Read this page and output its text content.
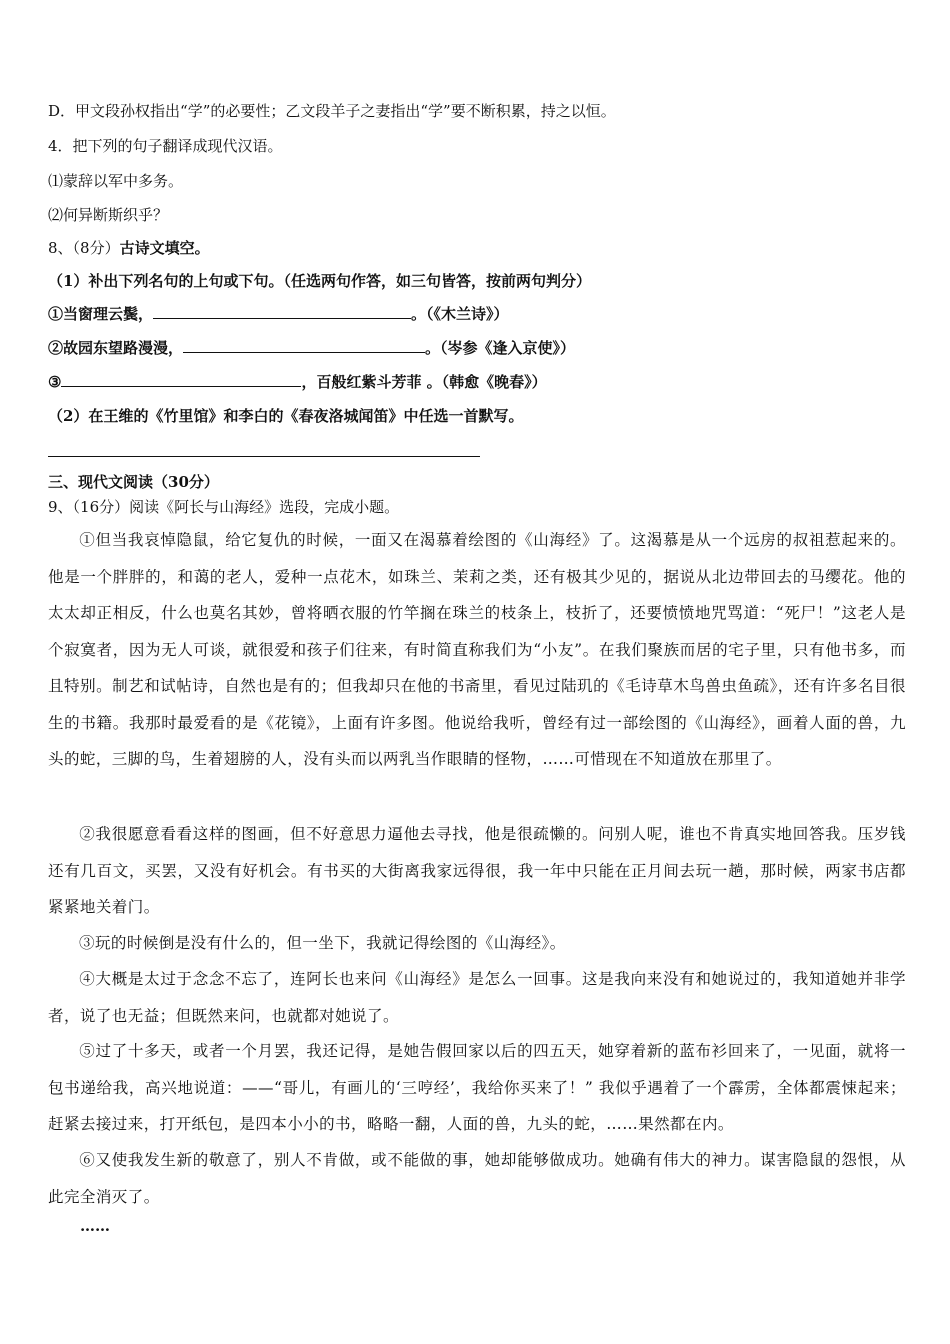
D．甲文段孙权指出“学”的必要性；乙文段羊子之妻指出“学”要不断积累，持之以恒。
4．把下列的句子翻译成现代汉语。
⑴蒙辞以军中多务。
⑵何异断斯织乎？
8、（8分）古诗文填空。
（1）补出下列名句的上句或下句。（任选两句作答，如三句皆答，按前两句判分）
①当窗理云鬓，	。（《木兰诗》）
②故园东望路漫漫，	。（岑参《逢入京使》）
③	，百般红紫斗芳菲 。（韩愈《晚春》）
（2）在王维的《竹里馆》和李白的《春夜洛城闻笛》中任选一首默写。
三、现代文阅读（30分）
9、（16分）阅读《阿长与山海经》选段，完成小题。
①但当我哀悼隐鼠，给它复仇的时候，一面又在渴慕着绘图的《山海经》了。这渴慕是从一个远房的叔祖惹起来的。他是一个胖胖的，和蔼的老人，爱种一点花木，如珠兰、茉莉之类，还有极其少见的，据说从北边带回去的马缨花。他的太太却正相反，什么也莫名其妙，曾将晒衣服的竹竿搁在珠兰的枝条上，枝折了，还要愤愤地咒骂道：“死尸！”这老人是个寂寞者，因为无人可谈，就很爱和孩子们往来，有时简直称我们为“小友”。在我们聚族而居的宅子里，只有他书多，而且特别。制艺和试帖诗，自然也是有的；但我却只在他的书斋里，看见过陆玑的《毛诗草木鸟兽虫鱼疏》，还有许多名目很生的书籍。我那时最爱看的是《花镜》，上面有许多图。他说给我听，曾经有过一部绘图的《山海经》，画着人面的兽，九头的蛇，三脚的鸟，生着翅膀的人，没有头而以两乳当作眼睛的怪物，……可惜现在不知道放在那里了。
②我很愿意看看这样的图画，但不好意思力逼他去寻找，他是很疏懒的。问别人呢，谁也不肯真实地回答我。压岁钱还有几百文，买罢，又没有好机会。有书买的大街离我家远得很，我一年中只能在正月间去玩一趟，那时候，两家书店都紧紧地关着门。
③玩的时候倒是没有什么的，但一坐下，我就记得绘图的《山海经》。
④大概是太过于念念不忘了，连阿长也来问《山海经》是怎么一回事。这是我向来没有和她说过的，我知道她并非学者，说了也无益；但既然来问，也就都对她说了。
⑤过了十多天，或者一个月罢，我还记得，是她告假回家以后的四五天，她穿着新的蓝布衫回来了，一见面，就将一包书递给我，高兴地说道：——“哥儿，有画儿的‘三哼经’，我给你买来了！” 我似乎遇着了一个霹雳，全体都震悚起来；赶紧去接过来，打开纸包，是四本小小的书，略略一翻，人面的兽，九头的蛇，……果然都在内。
⑥又使我发生新的敬意了，别人不肯做，或不能做的事，她却能够做成功。她确有伟大的神力。谋害隐鼠的怨恨，从此完全消灭了。
……
